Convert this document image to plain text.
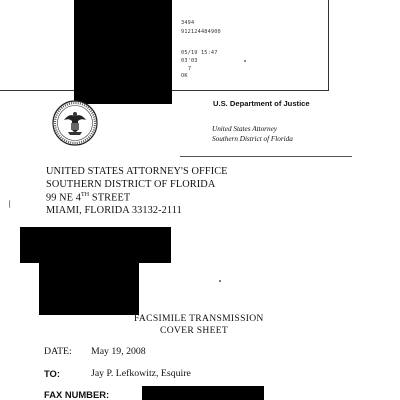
3494
912124484900
05/19 15:47
03'03
7
OK
U.S. Department of Justice
United States Attorney
Southern District of Florida
UNITED STATES ATTORNEY'S OFFICE
SOUTHERN DISTRICT OF FLORIDA
99 NE 4TH STREET
MIAMI, FLORIDA 33132-2111
FACSIMILE TRANSMISSION
COVER SHEET
DATE: May 19, 2008
TO:	Jay P. Lefkowitz, Esquire
FAX NUMBER:
